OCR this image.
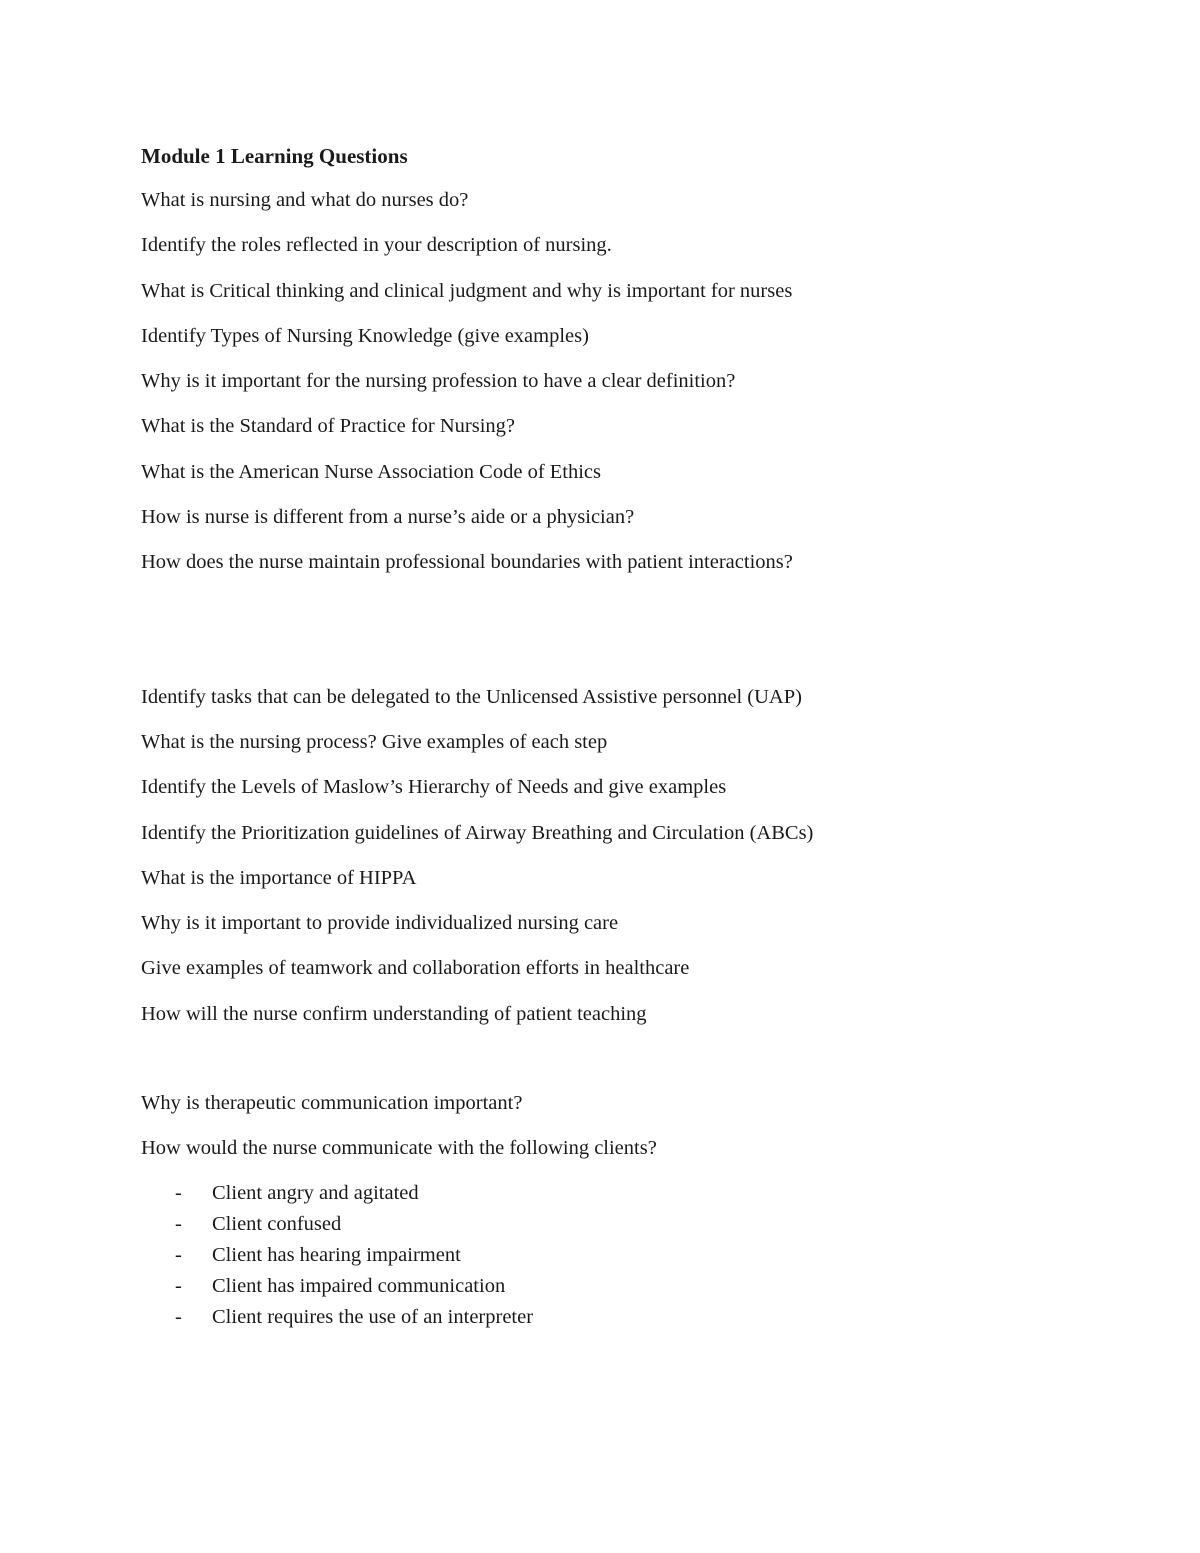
Module 1 Learning Questions
What is nursing and what do nurses do?
Identify the roles reflected in your description of nursing.
What is Critical thinking and clinical judgment and why is important for nurses
Identify Types of Nursing Knowledge (give examples)
Why is it important for the nursing profession to have a clear definition?
What is the Standard of Practice for Nursing?
What is the American Nurse Association Code of Ethics
How is nurse is different from a nurse’s aide or a physician?
How does the nurse maintain professional boundaries with patient interactions?
Identify tasks that can be delegated to the Unlicensed Assistive personnel (UAP)
What is the nursing process? Give examples of each step
Identify the Levels of Maslow’s Hierarchy of Needs and give examples
Identify the Prioritization guidelines of Airway Breathing and Circulation (ABCs)
What is the importance of HIPPA
Why is it important to provide individualized nursing care
Give examples of teamwork and collaboration efforts in healthcare
How will the nurse confirm understanding of patient teaching
Why is therapeutic communication important?
How would the nurse communicate with the following clients?
- Client angry and agitated
- Client confused
- Client has hearing impairment
- Client has impaired communication
- Client requires the use of an interpreter
